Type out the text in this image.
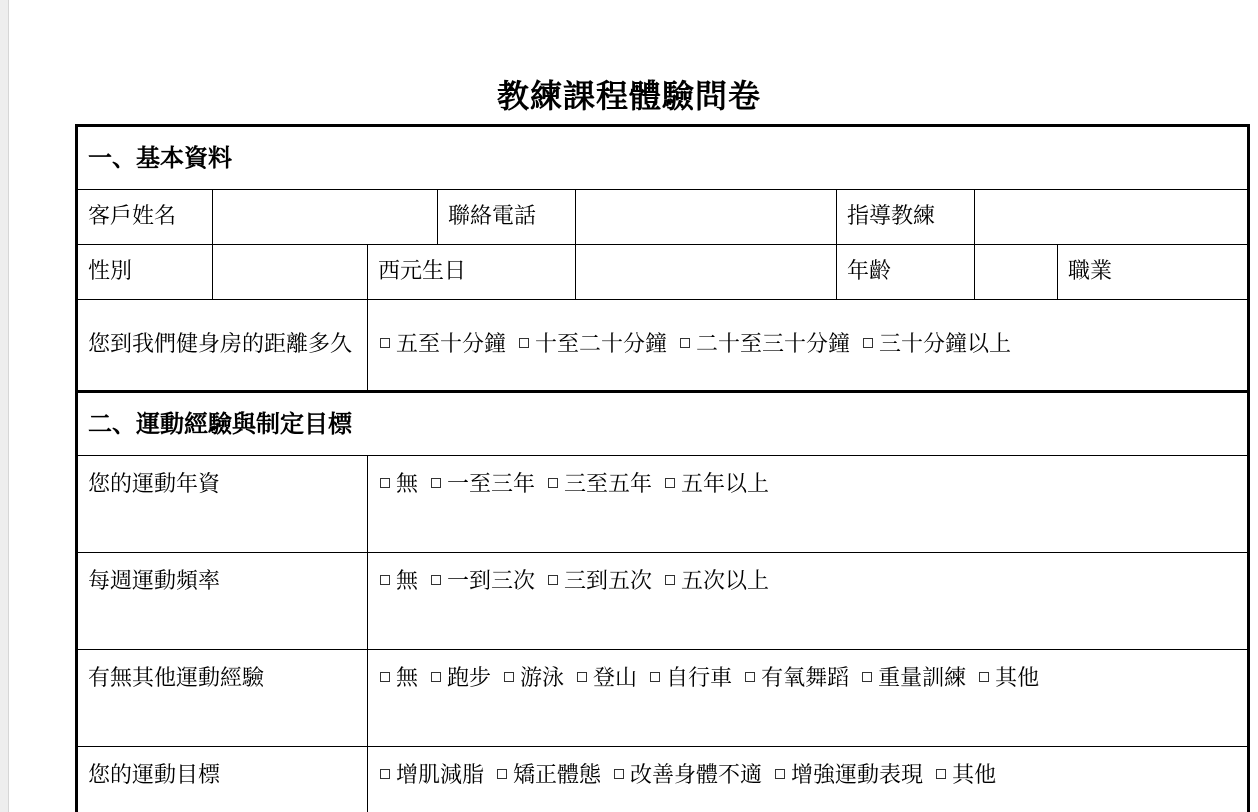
教練課程體驗問卷
一、基本資料								
客戶姓名			聯絡電話		指導教練			
性別		西元生日			年齡		職業	
您到我們健身房的距離多久		五至十分鐘 十至二十分鐘 二十至三十分鐘 三十分鐘以上						
二、運動經驗與制定目標								
您的運動年資		無 一至三年 三至五年 五年以上						
每週運動頻率		無 一到三次 三到五次 五次以上						
有無其他運動經驗		無 跑步 游泳 登山 自行車 有氧舞蹈 重量訓練 其他						
您的運動目標		增肌減脂 矯正體態 改善身體不適 增強運動表現 其他						
